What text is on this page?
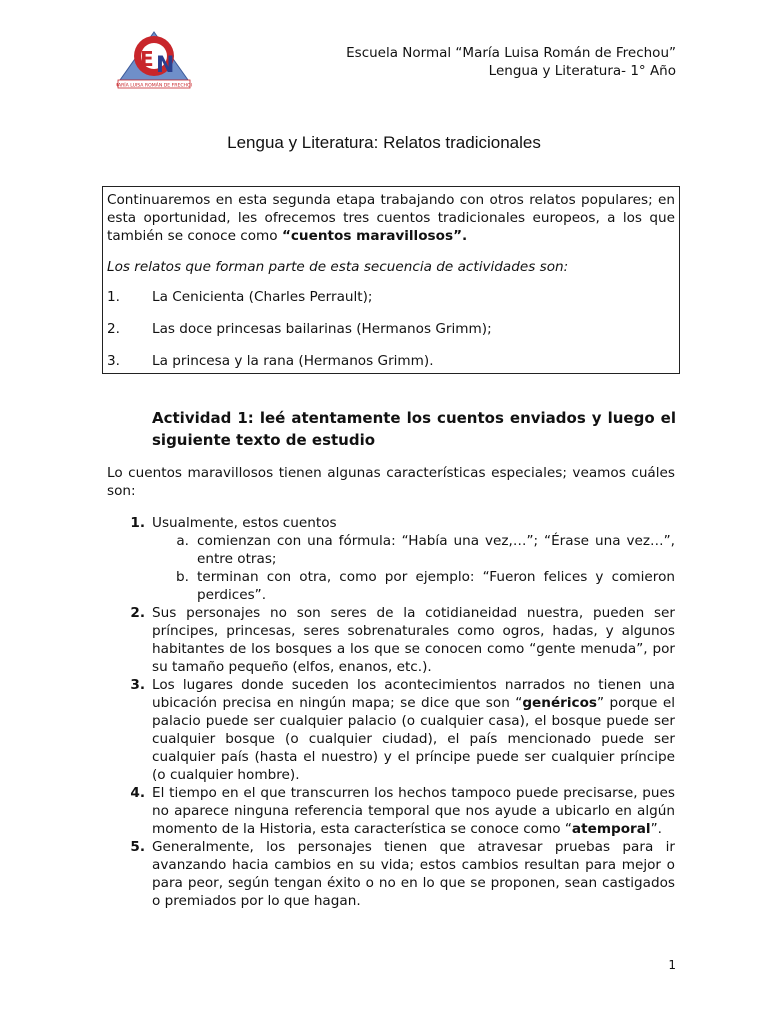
E N
MARÍA LUISA ROMÁN DE FRECHOU
Escuela Normal “María Luisa Román de Frechou”
Lengua y Literatura- 1° Año
Lengua y Literatura: Relatos tradicionales

Continuaremos en esta segunda etapa trabajando con otros relatos populares; en esta oportunidad, les ofrecemos tres cuentos tradicionales europeos, a los que también se conoce como “cuentos maravillosos”.

Los relatos que forman parte de esta secuencia de actividades son:

1.	La Cenicienta (Charles Perrault);
2.	Las doce princesas bailarinas (Hermanos Grimm);
3.	La princesa y la rana (Hermanos Grimm).
Actividad 1: leé atentamente los cuentos enviados y luego el siguiente texto de estudio

Lo cuentos maravillosos tienen algunas características especiales; veamos cuáles son:

1. Usualmente, estos cuentos
a. comienzan con una fórmula: “Había una vez,…”; “Érase una vez…”, entre otras;
b. terminan con otra, como por ejemplo: “Fueron felices y comieron perdices”.
2. Sus personajes no son seres de la cotidianeidad nuestra, pueden ser príncipes, princesas, seres sobrenaturales como ogros, hadas, y algunos habitantes de los bosques a los que se conocen como “gente menuda”, por su tamaño pequeño (elfos, enanos, etc.).
3. Los lugares donde suceden los acontecimientos narrados no tienen una ubicación precisa en ningún mapa; se dice que son “genéricos” porque el palacio puede ser cualquier palacio (o cualquier casa), el bosque puede ser cualquier bosque (o cualquier ciudad), el país mencionado puede ser cualquier país (hasta el nuestro) y el príncipe puede ser cualquier príncipe (o cualquier hombre).
4. El tiempo en el que transcurren los hechos tampoco puede precisarse, pues no aparece ninguna referencia temporal que nos ayude a ubicarlo en algún momento de la Historia, esta característica se conoce como “atemporal”.
5. Generalmente, los personajes tienen que atravesar pruebas para ir avanzando hacia cambios en su vida; estos cambios resultan para mejor o para peor, según tengan éxito o no en lo que se proponen, sean castigados o premiados por lo que hagan.
1
